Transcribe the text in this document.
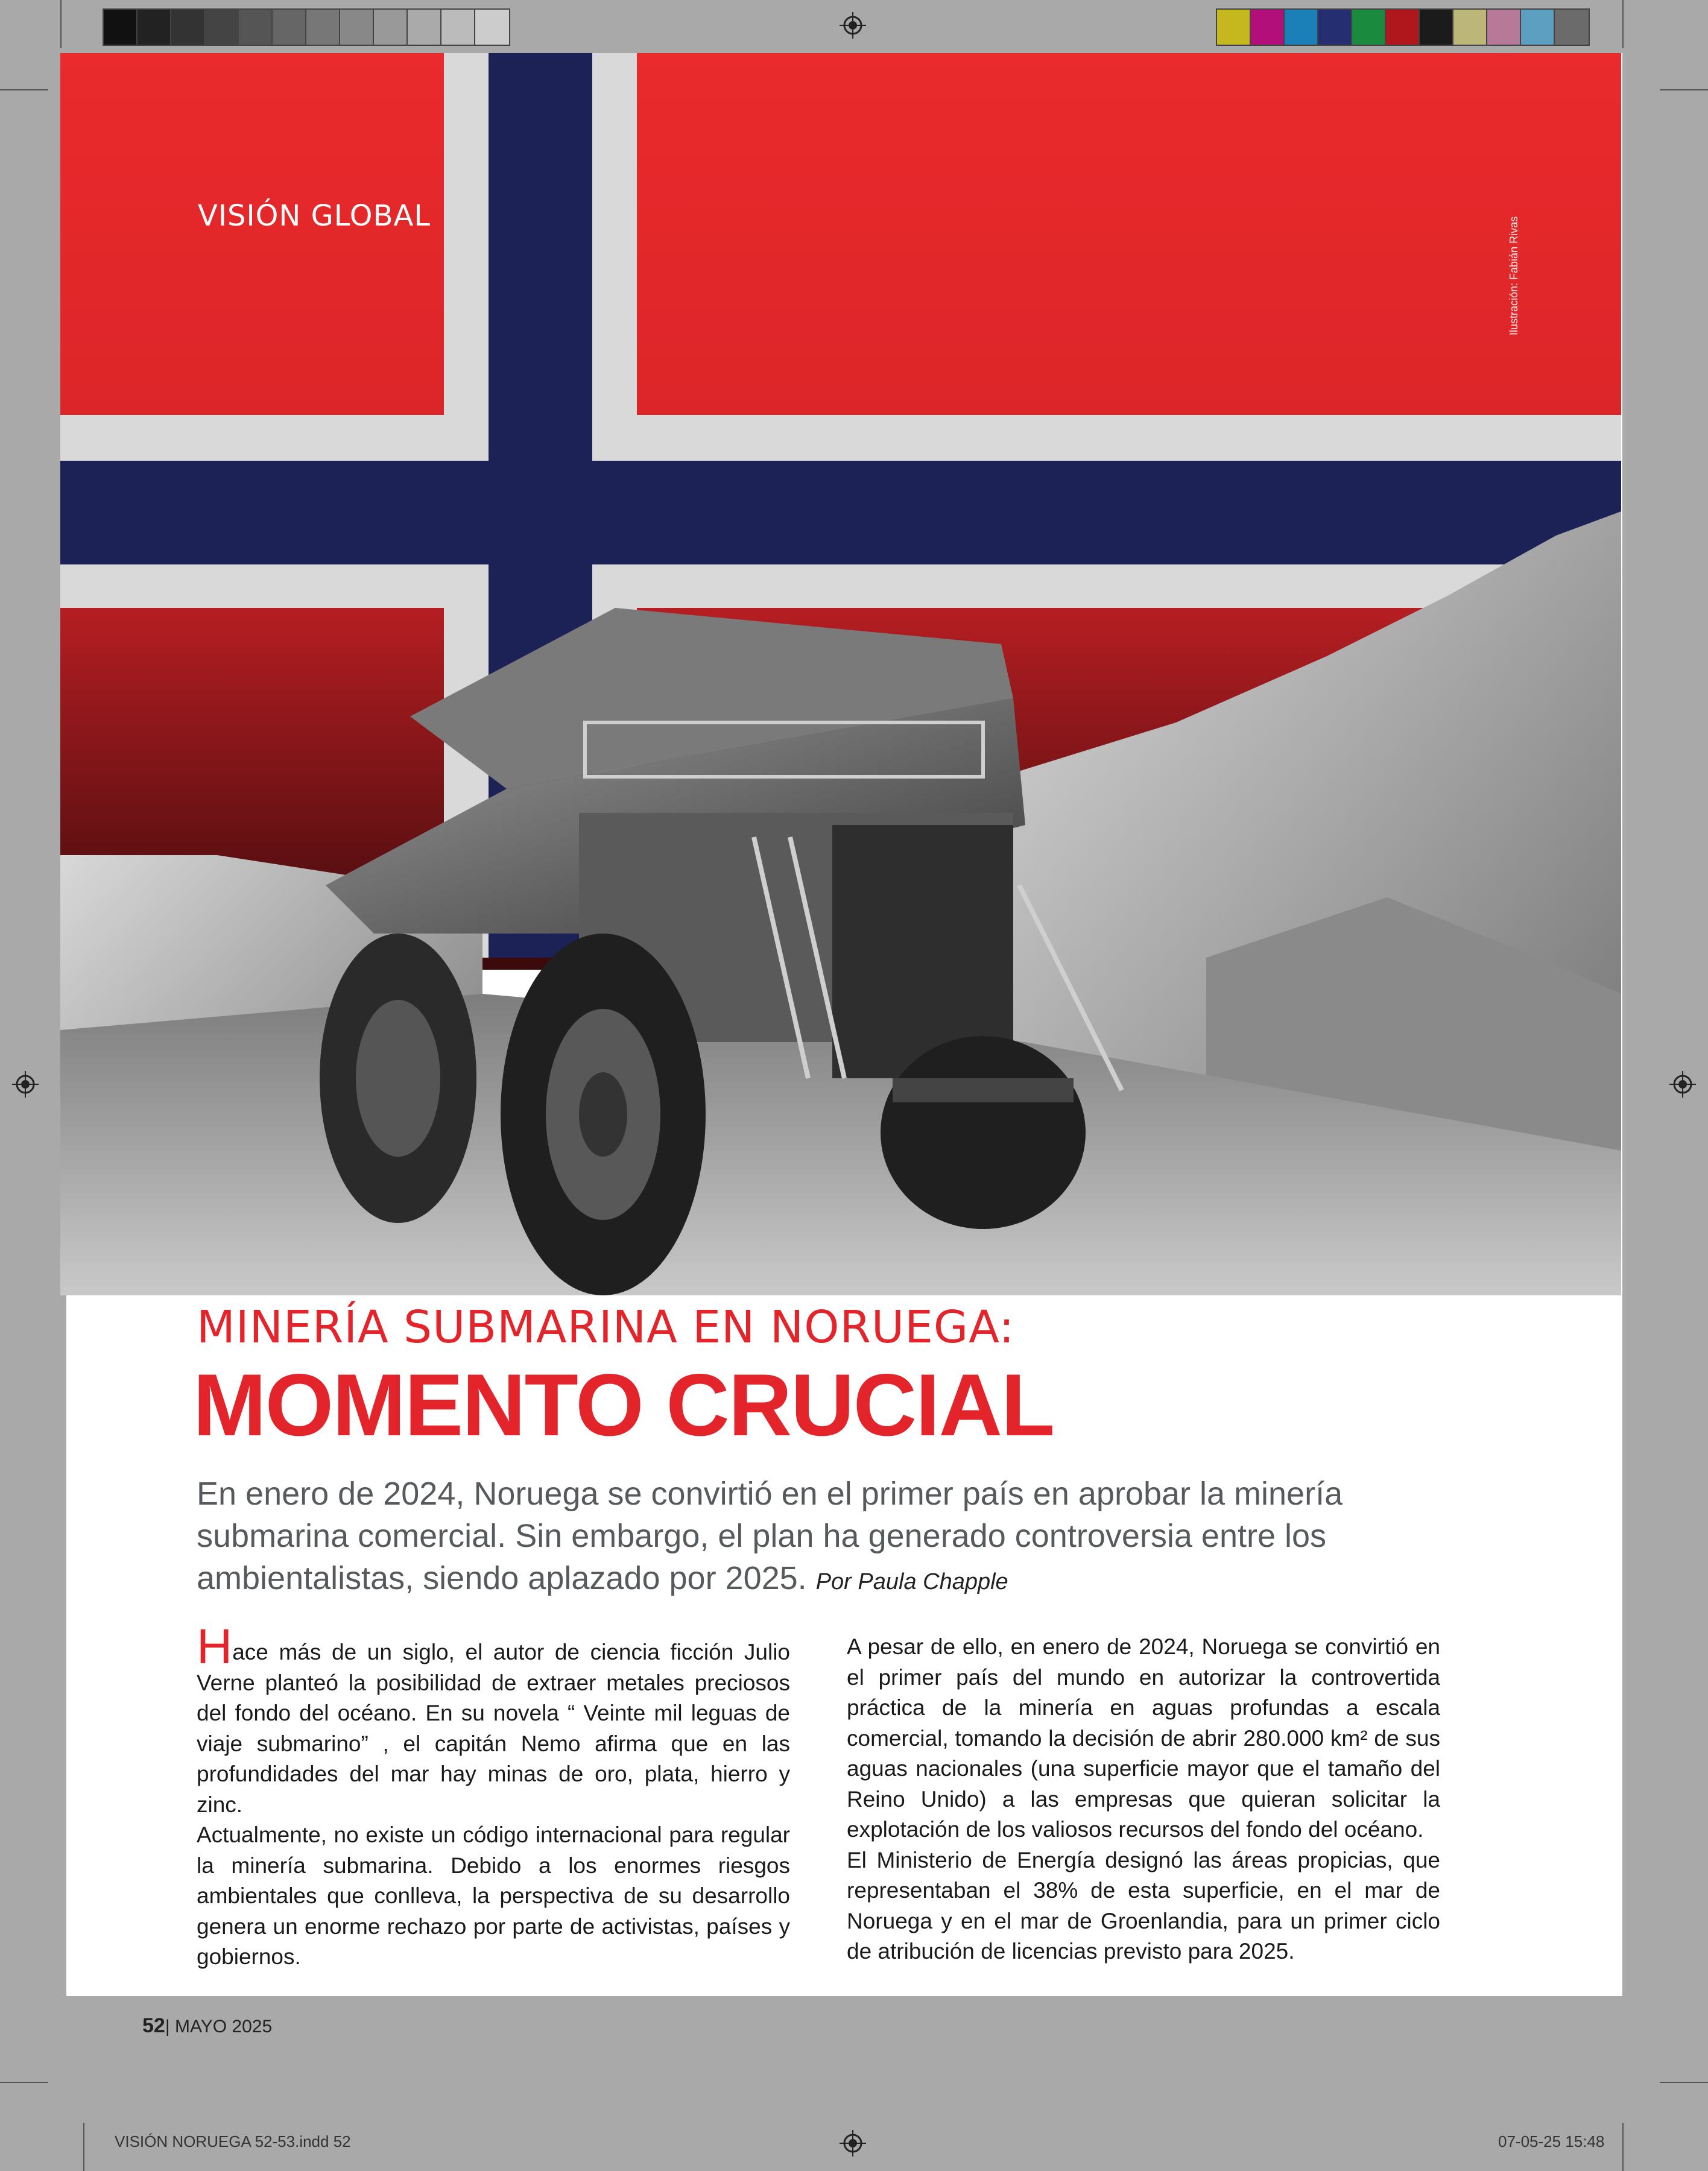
VISIÓN GLOBAL
Ilustración: Fabián Rivas
MINERÍA SUBMARINA EN NORUEGA:
MOMENTO CRUCIAL
En enero de 2024, Noruega se convirtió en el primer país en aprobar la minería submarina comercial. Sin embargo, el plan ha generado controversia entre los ambientalistas, siendo aplazado por 2025. Por Paula Chapple

Hace más de un siglo, el autor de ciencia ficción Julio Verne planteó la posibilidad de extraer metales preciosos del fondo del océano. En su novela “ Veinte mil leguas de viaje submarino” , el capitán Nemo afirma que en las profundidades del mar hay minas de oro, plata, hierro y zinc.

Actualmente, no existe un código internacional para regular la minería submarina. Debido a los enormes riesgos ambientales que conlleva, la perspectiva de su desarrollo genera un enorme rechazo por parte de activistas, países y gobiernos.

A pesar de ello, en enero de 2024, Noruega se convirtió en el primer país del mundo en autorizar la controvertida práctica de la minería en aguas profundas a escala comercial, tomando la decisión de abrir 280.000 km² de sus aguas nacionales (una superficie mayor que el tamaño del Reino Unido) a las empresas que quieran solicitar la explotación de los valiosos recursos del fondo del océano.

El Ministerio de Energía designó las áreas propicias, que representaban el 38% de esta superficie, en el mar de Noruega y en el mar de Groenlandia, para un primer ciclo de atribución de licencias previsto para 2025.

52| MAYO 2025
VISIÓN NORUEGA 52-53.indd 52	07-05-25 15:48
